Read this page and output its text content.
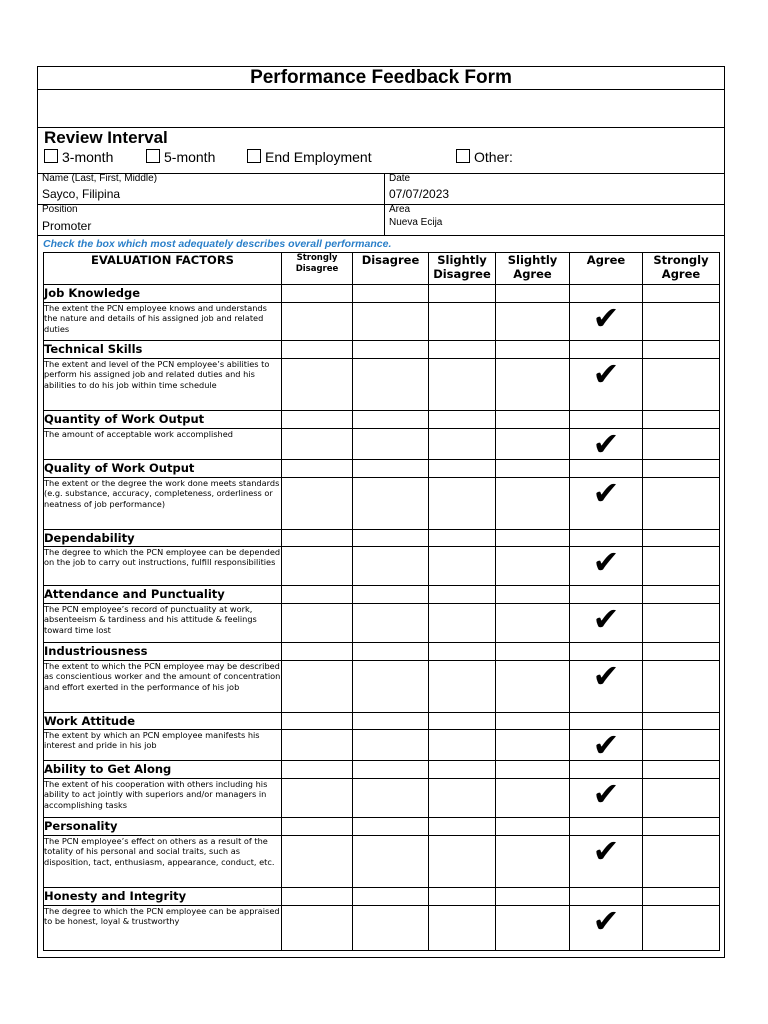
Performance Feedback Form
Review Interval
3-month	5-month	End Employment	Other:
Name (Last, First, Middle)
Sayco, Filipina
Date
07/07/2023
Position
Promoter
Area
Nueva Ecija
Check the box which most adequately describes overall performance.
EVALUATION FACTORS	Strongly Disagree	Disagree	Slightly Disagree	Slightly Agree	Agree	Strongly Agree
Job Knowledge						
The extent the PCN employee knows and understands the nature and details of his assigned job and related duties					✔	
Technical Skills						
The extent and level of the PCN employee’s abilities to perform his assigned job and related duties and his abilities to do his job within time schedule					✔	
Quantity of Work Output						
The amount of acceptable work accomplished					✔	
Quality of Work Output						
The extent or the degree the work done meets standards (e.g. substance, accuracy, completeness, orderliness or neatness of job performance)					✔	
Dependability						
The degree to which the PCN employee can be depended on the job to carry out instructions, fulfill responsibilities					✔	
Attendance and Punctuality						
The PCN employee’s record of punctuality at work, absenteeism & tardiness and his attitude & feelings toward time lost					✔	
Industriousness						
The extent to which the PCN employee may be described as conscientious worker and the amount of concentration and effort exerted in the performance of his job					✔	
Work Attitude						
The extent by which an PCN employee manifests his interest and pride in his job					✔	
Ability to Get Along						
The extent of his cooperation with others including his ability to act jointly with superiors and/or managers in accomplishing tasks					✔	
Personality						
The PCN employee’s effect on others as a result of the totality of his personal and social traits, such as disposition, tact, enthusiasm, appearance, conduct, etc.					✔	
Honesty and Integrity						
The degree to which the PCN employee can be appraised to be honest, loyal & trustworthy					✔	
